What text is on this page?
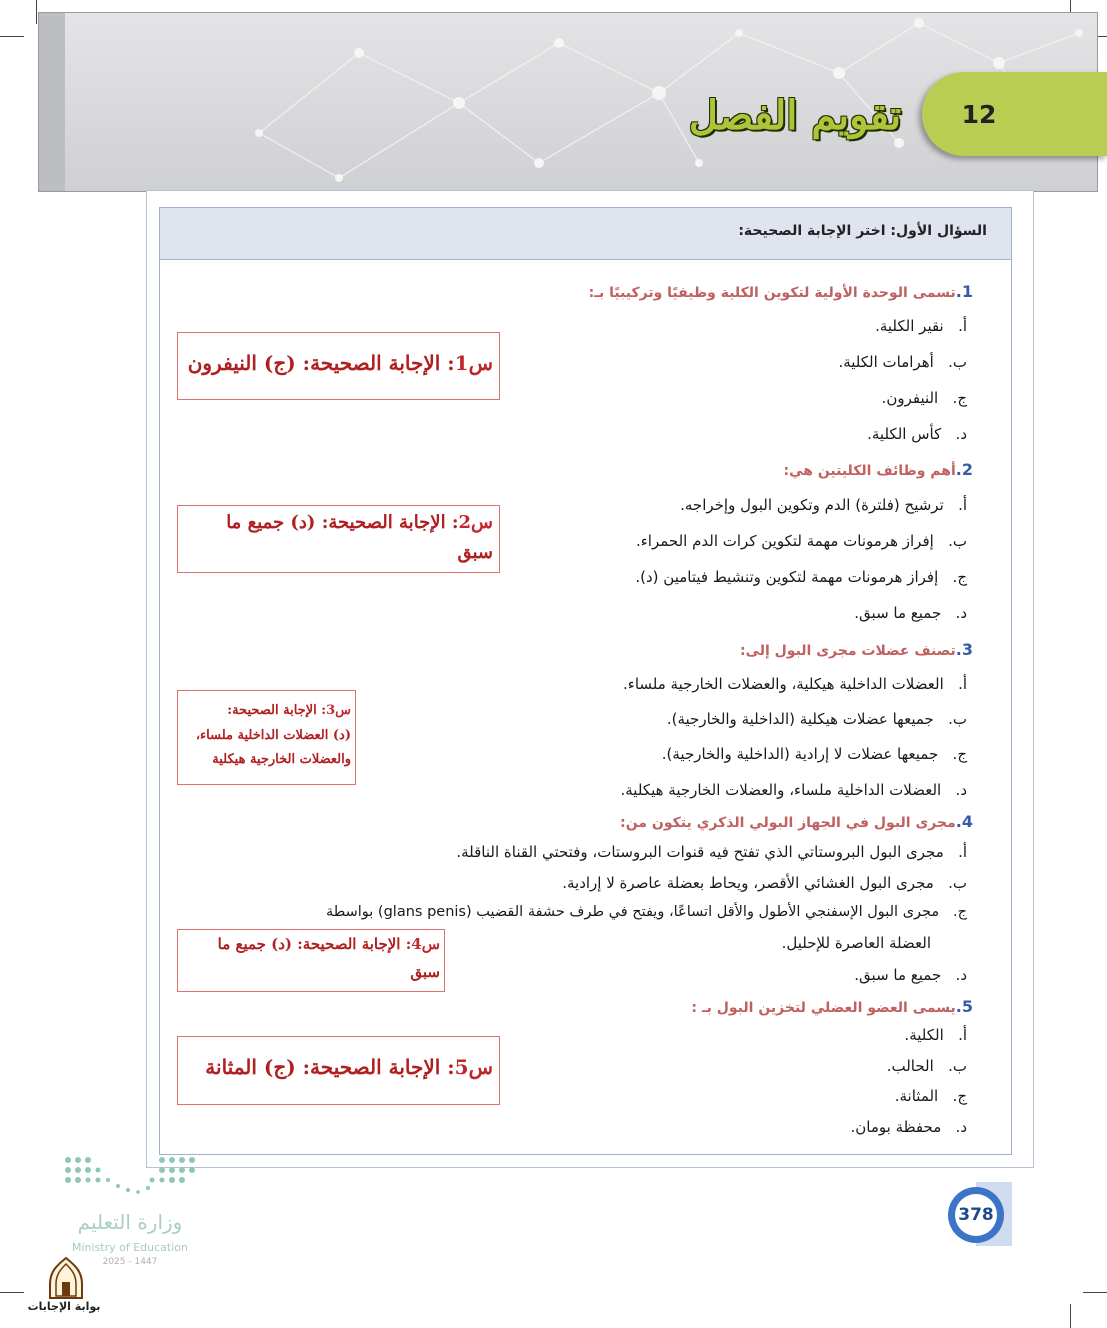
12
تقويم الفصل
السؤال الأول: اختر الإجابة الصحيحة:
1.تسمى الوحدة الأولية لتكوين الكلية وظيفيًا وتركيبيًا بـ:
أ.   نقير الكلية.
ب.   أهرامات الكلية.
ج.   النيفرون.
د.   كأس الكلية.
2.أهم وظائف الكليتين هي:
أ.   ترشيح (فلترة) الدم وتكوين البول وإخراجه.
ب.   إفراز هرمونات مهمة لتكوين كرات الدم الحمراء.
ج.   إفراز هرمونات مهمة لتكوين وتنشيط فيتامين (د).
د.   جميع ما سبق.
3.تصنف عضلات مجرى البول إلى:
أ.   العضلات الداخلية هيكلية، والعضلات الخارجية ملساء.
ب.   جميعها عضلات هيكلية (الداخلية والخارجية).
ج.   جميعها عضلات لا إرادية (الداخلية والخارجية).
د.   العضلات الداخلية ملساء، والعضلات الخارجية هيكلية.
4.مجرى البول في الجهاز البولي الذكري يتكون من:
أ.   مجرى البول البروستاتي الذي تفتح فيه قنوات البروستات، وفتحتي القناة الناقلة.
ب.   مجرى البول الغشائي الأقصر، ويحاط بعضلة عاصرة لا إرادية.
ج.   مجرى البول الإسفنجي الأطول والأقل اتساعًا، ويفتح في طرف حشفة القضيب (glans penis) بواسطة
العضلة العاصرة للإحليل.
د.   جميع ما سبق.
5.يسمى العضو العضلي لتخزين البول بـ :
أ.   الكلية.
ب.   الحالب.
ج.   المثانة.
د.   محفظة بومان.
س1: الإجابة الصحيحة: (ج) النيفرون
س2: الإجابة الصحيحة: (د) جميع ما
سبق
س3: الإجابة الصحيحة:
(د) العضلات الداخلية ملساء،
والعضلات الخارجية هيكلية
س4: الإجابة الصحيحة: (د) جميع ما
سبق
س5: الإجابة الصحيحة: (ج) المثانة
وزارة التعليم
Ministry of Education
2025 - 1447
بوابة الإجابات
378
